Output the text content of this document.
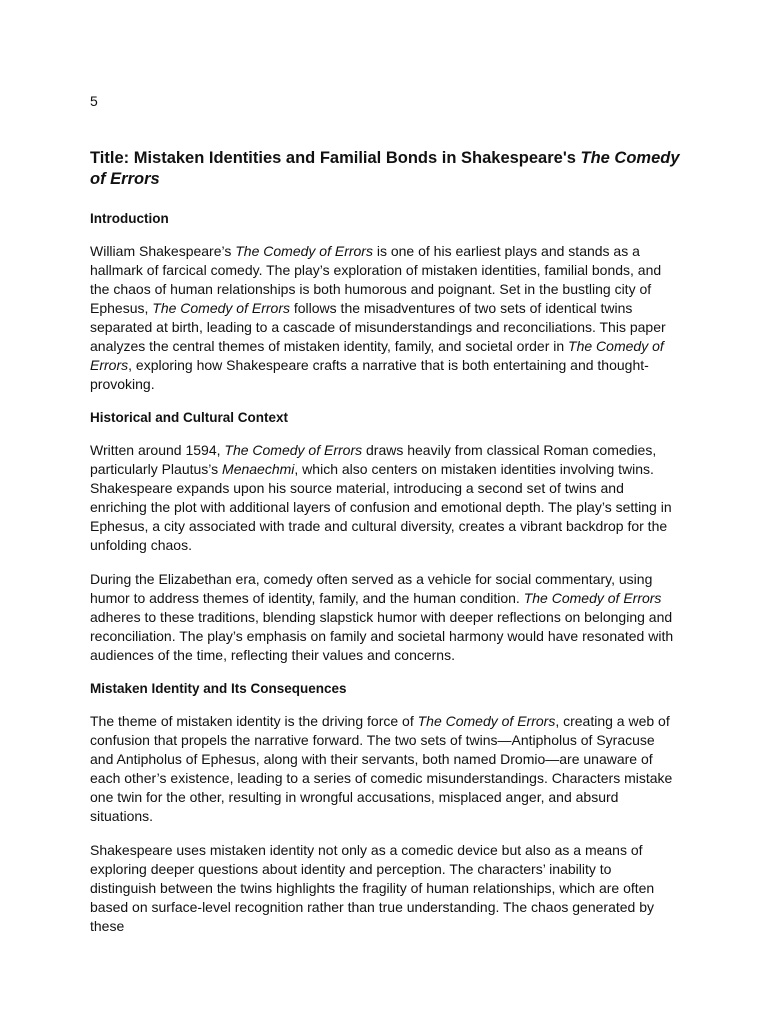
5
Title: Mistaken Identities and Familial Bonds in Shakespeare's The Comedy of Errors
Introduction
William Shakespeare’s The Comedy of Errors is one of his earliest plays and stands as a hallmark of farcical comedy. The play’s exploration of mistaken identities, familial bonds, and the chaos of human relationships is both humorous and poignant. Set in the bustling city of Ephesus, The Comedy of Errors follows the misadventures of two sets of identical twins separated at birth, leading to a cascade of misunderstandings and reconciliations. This paper analyzes the central themes of mistaken identity, family, and societal order in The Comedy of Errors, exploring how Shakespeare crafts a narrative that is both entertaining and thought-provoking.
Historical and Cultural Context
Written around 1594, The Comedy of Errors draws heavily from classical Roman comedies, particularly Plautus’s Menaechmi, which also centers on mistaken identities involving twins. Shakespeare expands upon his source material, introducing a second set of twins and enriching the plot with additional layers of confusion and emotional depth. The play’s setting in Ephesus, a city associated with trade and cultural diversity, creates a vibrant backdrop for the unfolding chaos.
During the Elizabethan era, comedy often served as a vehicle for social commentary, using humor to address themes of identity, family, and the human condition. The Comedy of Errors adheres to these traditions, blending slapstick humor with deeper reflections on belonging and reconciliation. The play’s emphasis on family and societal harmony would have resonated with audiences of the time, reflecting their values and concerns.
Mistaken Identity and Its Consequences
The theme of mistaken identity is the driving force of The Comedy of Errors, creating a web of confusion that propels the narrative forward. The two sets of twins—Antipholus of Syracuse and Antipholus of Ephesus, along with their servants, both named Dromio—are unaware of each other’s existence, leading to a series of comedic misunderstandings. Characters mistake one twin for the other, resulting in wrongful accusations, misplaced anger, and absurd situations.
Shakespeare uses mistaken identity not only as a comedic device but also as a means of exploring deeper questions about identity and perception. The characters’ inability to distinguish between the twins highlights the fragility of human relationships, which are often based on surface-level recognition rather than true understanding. The chaos generated by these
